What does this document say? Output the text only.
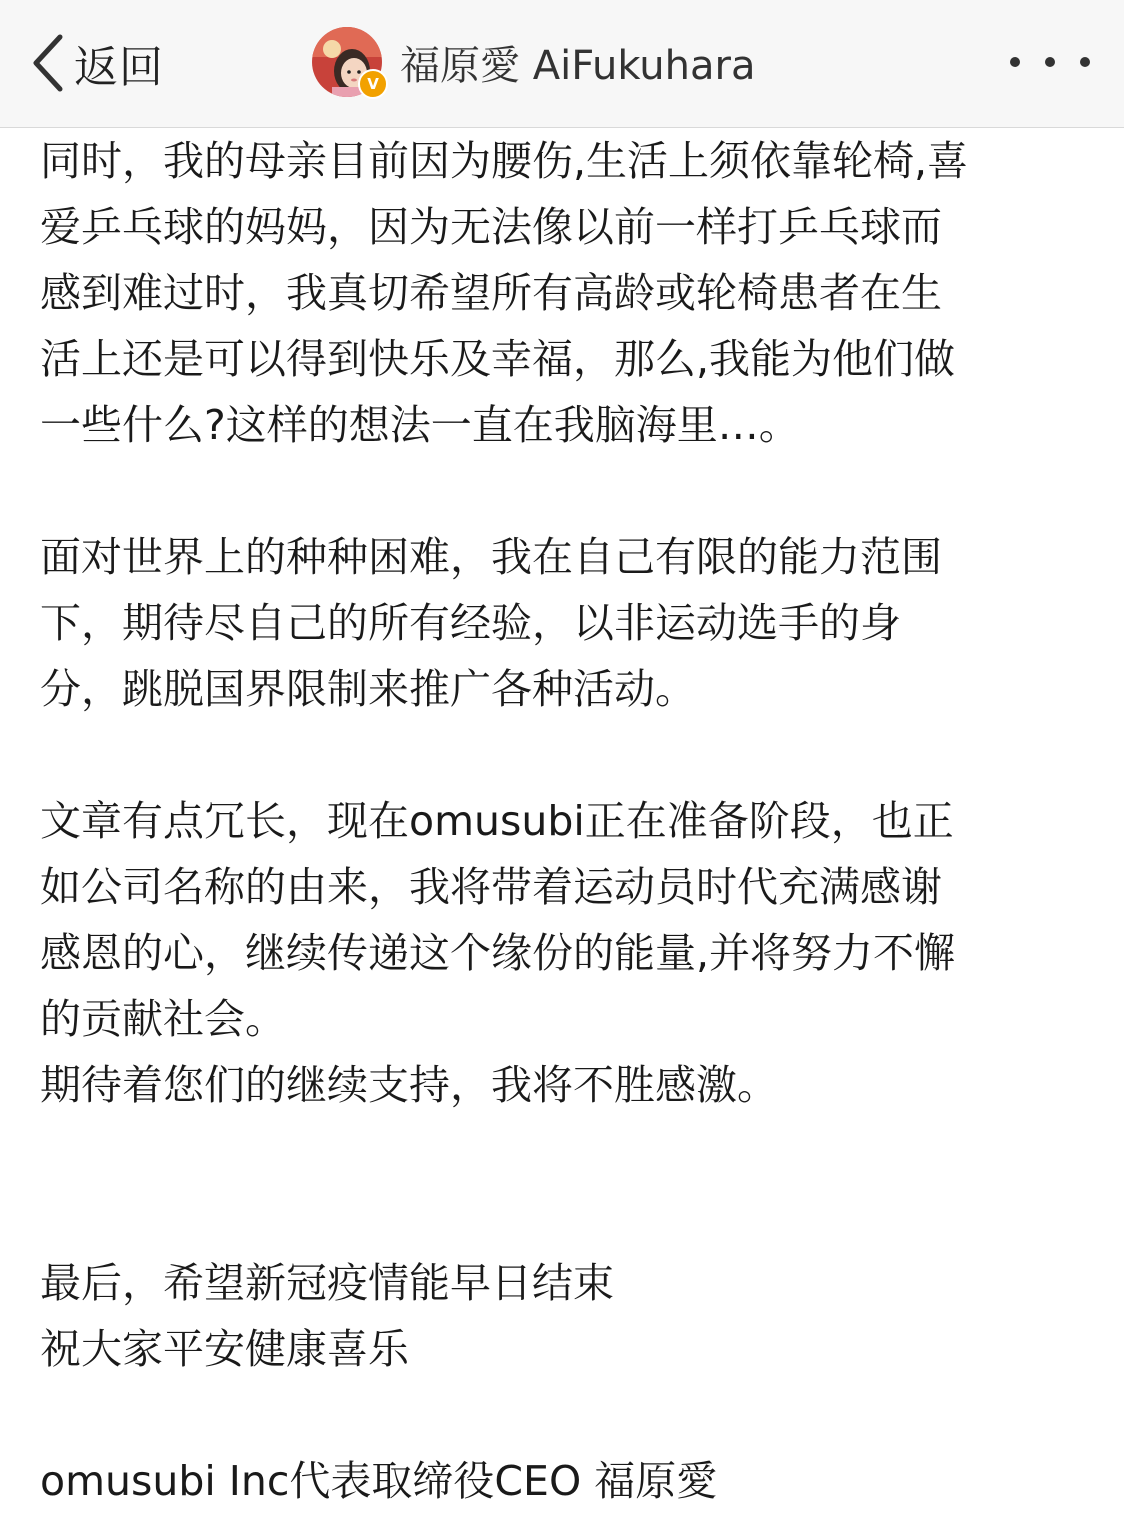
返回	V 福原愛 AiFukuhara

同时，我的母亲目前因为腰伤,生活上须依靠轮椅,喜
爱乒乓球的妈妈，因为无法像以前一样打乒乓球而
感到难过时，我真切希望所有高龄或轮椅患者在生
活上还是可以得到快乐及幸福，那么,我能为他们做
一些什么?这样的想法一直在我脑海里…。

面对世界上的种种困难，我在自己有限的能力范围
下，期待尽自己的所有经验，以非运动选手的身
分，跳脱国界限制来推广各种活动。

文章有点冗长，现在omusubi正在准备阶段，也正
如公司名称的由来，我将带着运动员时代充满感谢
感恩的心，继续传递这个缘份的能量,并将努力不懈
的贡献社会。
期待着您们的继续支持，我将不胜感激。

最后，希望新冠疫情能早日结束
祝大家平安健康喜乐

omusubi Inc代表取缔役CEO 福原愛
